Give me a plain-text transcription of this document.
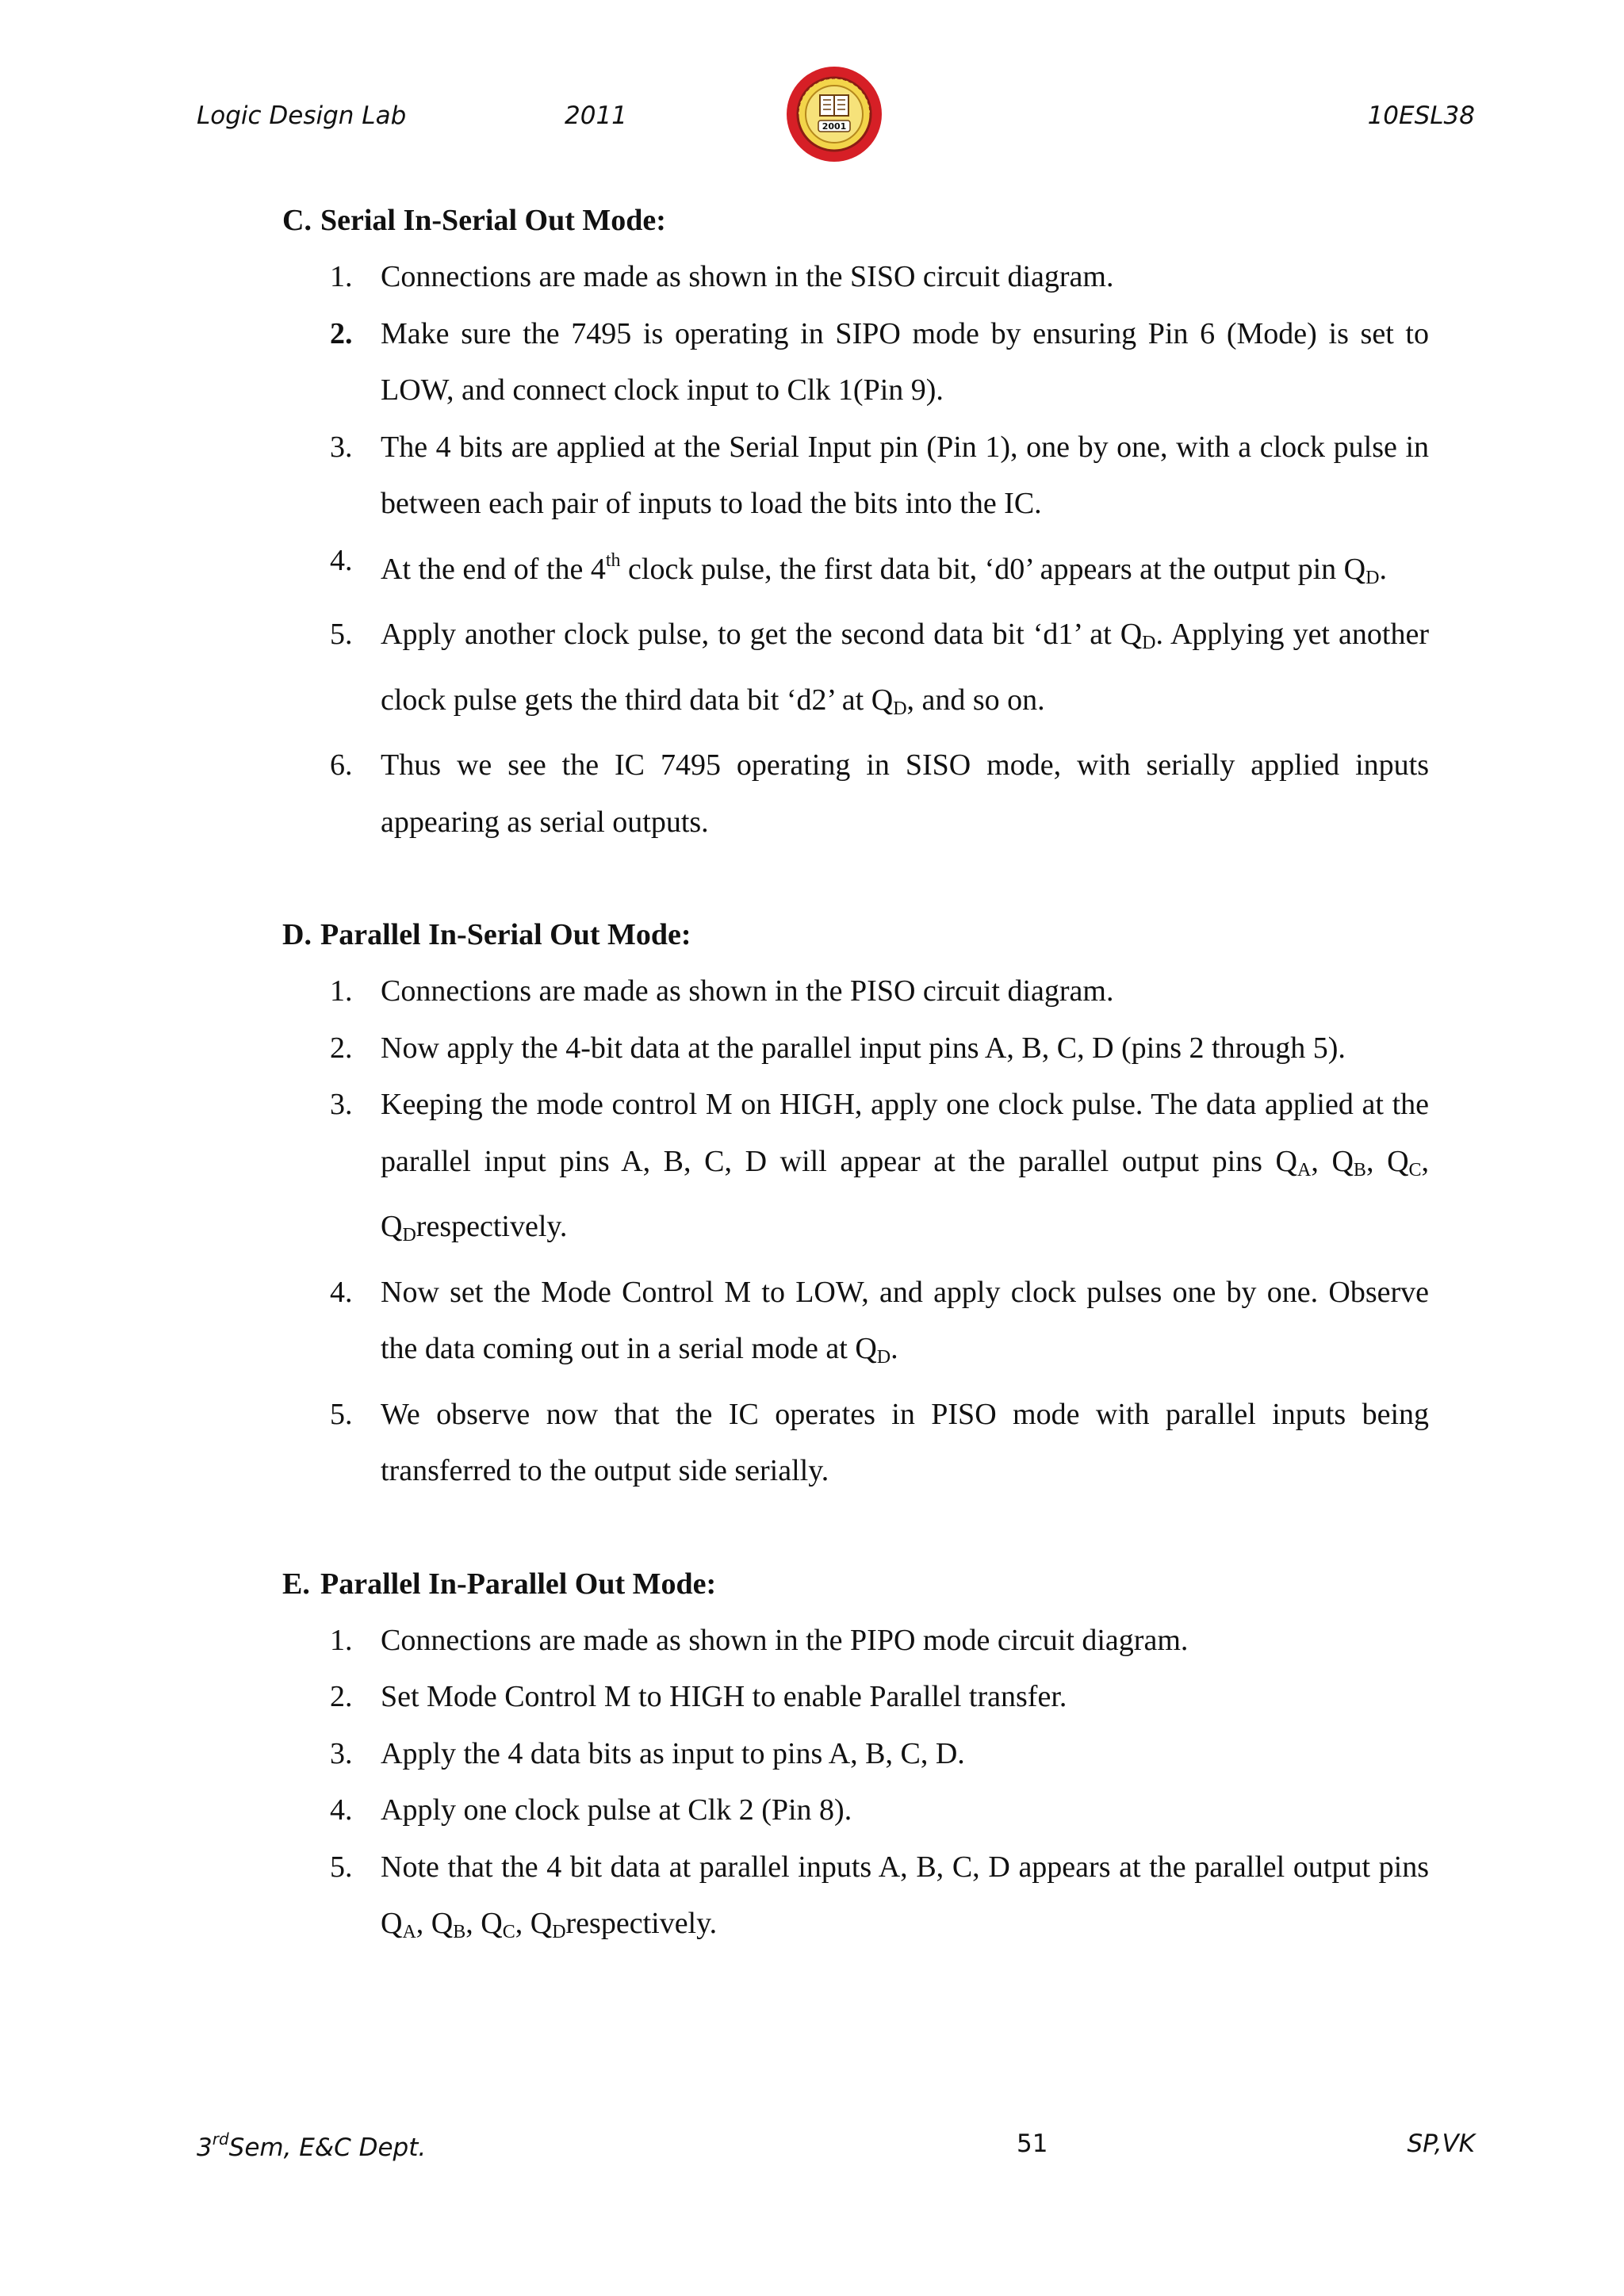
Logic Design Lab	2011	10ESL38
2001
C. Serial In-Serial Out Mode:
1. Connections are made as shown in the SISO circuit diagram.
2. Make sure the 7495 is operating in SIPO mode by ensuring Pin 6 (Mode) is set to LOW, and connect clock input to Clk 1(Pin 9).
3. The 4 bits are applied at the Serial Input pin (Pin 1), one by one, with a clock pulse in between each pair of inputs to load the bits into the IC.
4. At the end of the 4th clock pulse, the first data bit, ‘d0’ appears at the output pin $Q_D$.
5. Apply another clock pulse, to get the second data bit ‘d1’ at $Q_D$. Applying yet another clock pulse gets the third data bit ‘d2’ at $Q_D$, and so on.
6. Thus we see the IC 7495 operating in SISO mode, with serially applied inputs appearing as serial outputs.
D. Parallel In-Serial Out Mode:
1. Connections are made as shown in the PISO circuit diagram.
2. Now apply the 4-bit data at the parallel input pins A, B, C, D (pins 2 through 5).
3. Keeping the mode control M on HIGH, apply one clock pulse. The data applied at the parallel input pins A, B, C, D will appear at the parallel output pins $Q_A$, $Q_B$, $Q_C$, $Q_Drespectively$.
4. Now set the Mode Control M to LOW, and apply clock pulses one by one. Observe the data coming out in a serial mode at $Q_D$.
5. We observe now that the IC operates in PISO mode with parallel inputs being transferred to the output side serially.
E. Parallel In-Parallel Out Mode:
1. Connections are made as shown in the PIPO mode circuit diagram.
2. Set Mode Control M to HIGH to enable Parallel transfer.
3. Apply the 4 data bits as input to pins A, B, C, D.
4. Apply one clock pulse at Clk 2 (Pin 8).
5. Note that the 4 bit data at parallel inputs A, B, C, D appears at the parallel output pins $Q_A$, $Q_B$, $Q_C$, $Q_Drespectively$.
3rdSem, E&C Dept.	51	SP,VK
